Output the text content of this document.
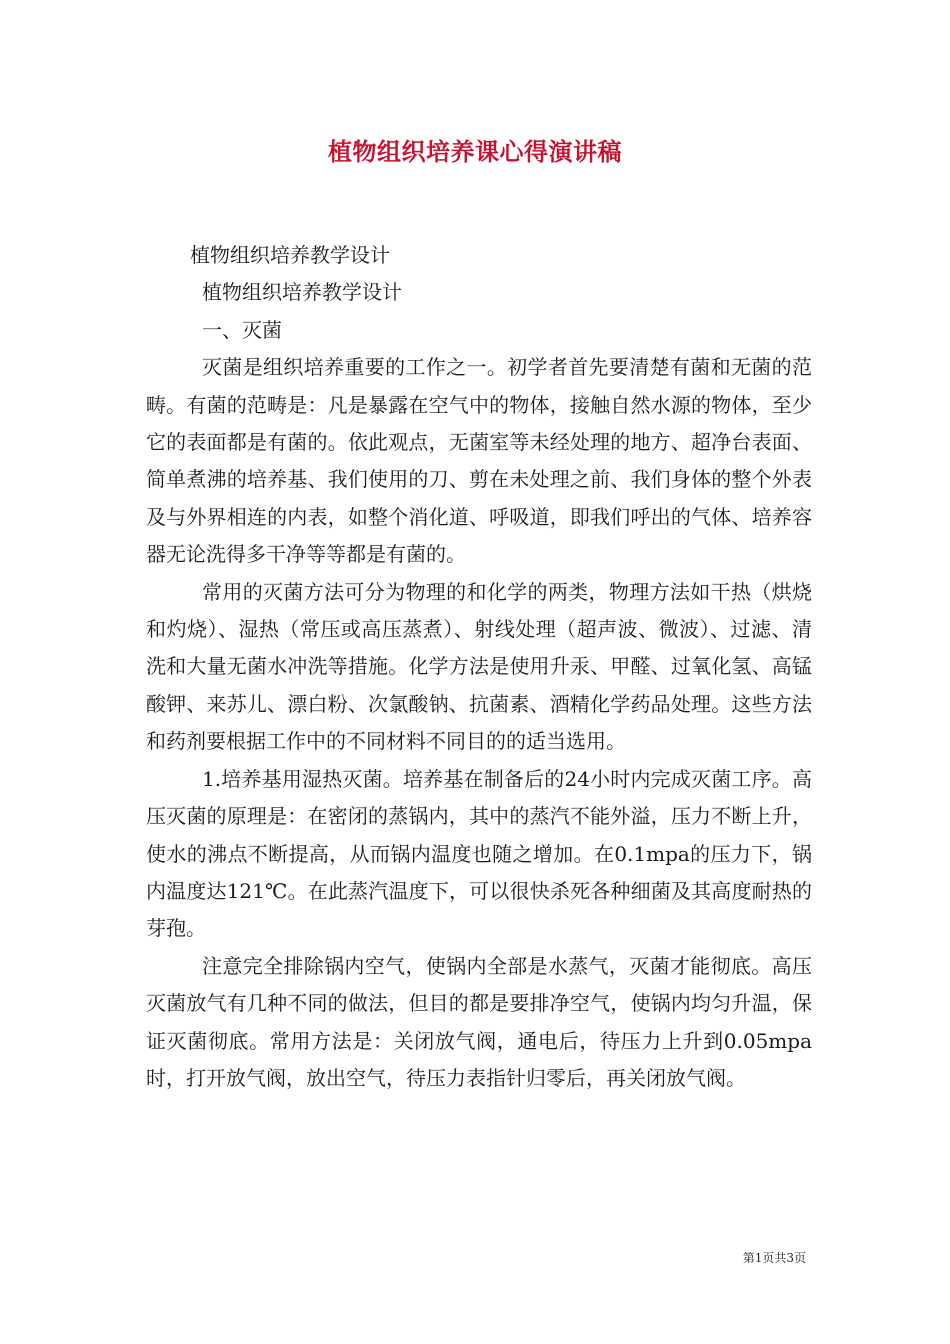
植物组织培养课心得演讲稿

植物组织培养教学设计

植物组织培养教学设计

一、灭菌

灭菌是组织培养重要的工作之一。初学者首先要清楚有菌和无菌的范畴。有菌的范畴是：凡是暴露在空气中的物体，接触自然水源的物体，至少它的表面都是有菌的。依此观点，无菌室等未经处理的地方、超净台表面、简单煮沸的培养基、我们使用的刀、剪在未处理之前、我们身体的整个外表及与外界相连的内表，如整个消化道、呼吸道，即我们呼出的气体、培养容器无论洗得多干净等等都是有菌的。

常用的灭菌方法可分为物理的和化学的两类，物理方法如干热（烘烧和灼烧）、湿热（常压或高压蒸煮）、射线处理（超声波、微波）、过滤、清洗和大量无菌水冲洗等措施。化学方法是使用升汞、甲醛、过氧化氢、高锰酸钾、来苏儿、漂白粉、次氯酸钠、抗菌素、酒精化学药品处理。这些方法和药剂要根据工作中的不同材料不同目的的适当选用。

1.培养基用湿热灭菌。培养基在制备后的24小时内完成灭菌工序。高压灭菌的原理是：在密闭的蒸锅内，其中的蒸汽不能外溢，压力不断上升，使水的沸点不断提高，从而锅内温度也随之增加。在0.1mpa的压力下，锅内温度达121℃。在此蒸汽温度下，可以很快杀死各种细菌及其高度耐热的芽孢。

注意完全排除锅内空气，使锅内全部是水蒸气，灭菌才能彻底。高压灭菌放气有几种不同的做法，但目的都是要排净空气，使锅内均匀升温，保证灭菌彻底。常用方法是：关闭放气阀，通电后，待压力上升到0.05mpa时，打开放气阀，放出空气，待压力表指针归零后，再关闭放气阀。

第1页共3页
